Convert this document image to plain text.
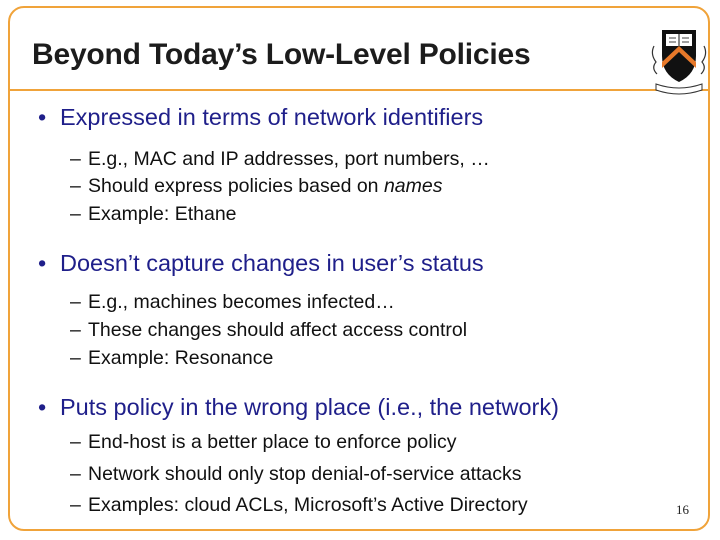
Beyond Today’s Low-Level Policies
• Expressed in terms of network identifiers
– E.g., MAC and IP addresses, port numbers, …
– Should express policies based on names
– Example: Ethane
• Doesn’t capture changes in user’s status
– E.g., machines becomes infected…
– These changes should affect access control
– Example: Resonance
• Puts policy in the wrong place (i.e., the network)
– End-host is a better place to enforce policy
– Network should only stop denial-of-service attacks
– Examples: cloud ACLs, Microsoft’s Active Directory	16
